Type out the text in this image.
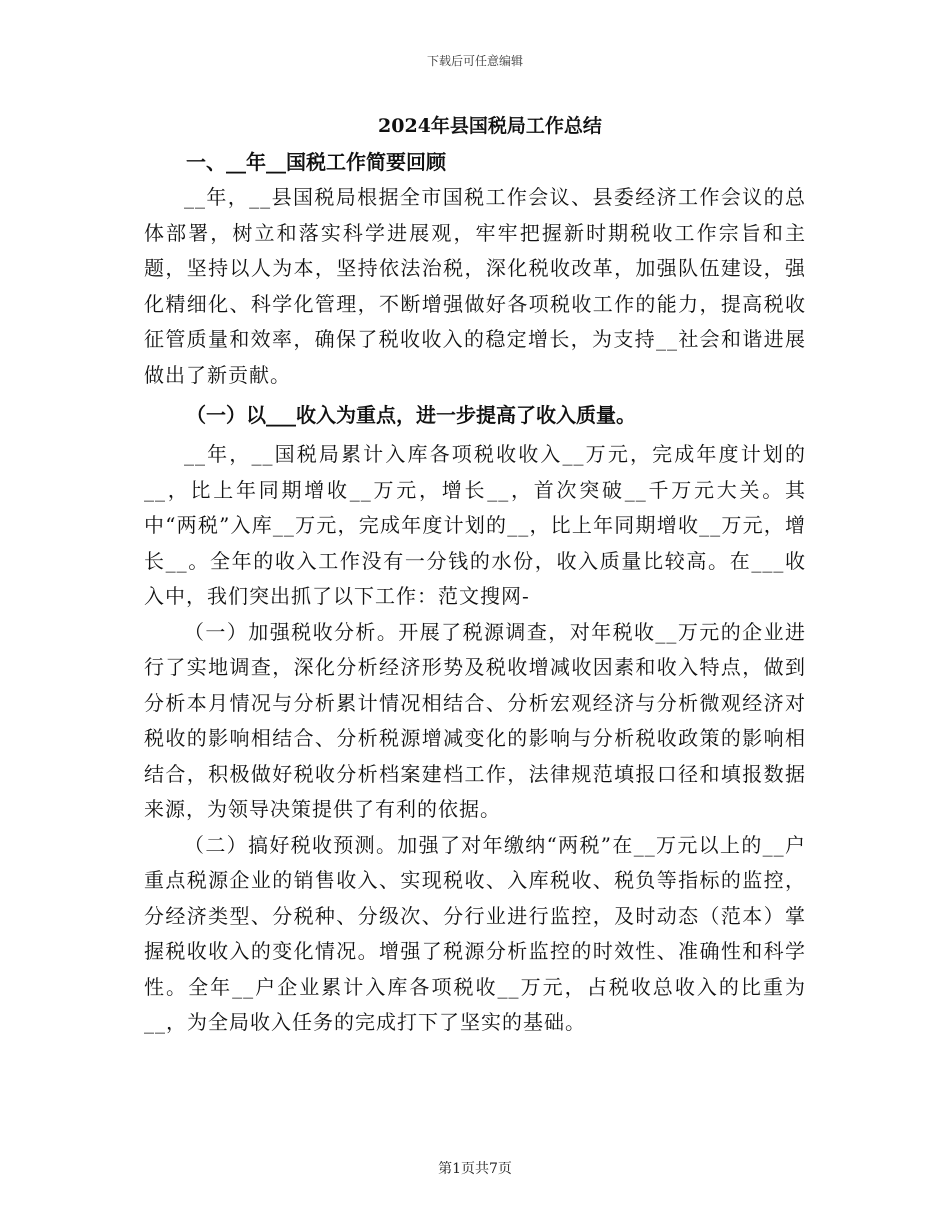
下载后可任意编辑
2024年县国税局工作总结
一、__年__国税工作简要回顾

__年，__县国税局根据全市国税工作会议、县委经济工作会议的总体部署，树立和落实科学进展观，牢牢把握新时期税收工作宗旨和主题，坚持以人为本，坚持依法治税，深化税收改革，加强队伍建设，强化精细化、科学化管理，不断增强做好各项税收工作的能力，提高税收征管质量和效率，确保了税收收入的稳定增长，为支持__社会和谐进展做出了新贡献。

（一）以___收入为重点，进一步提高了收入质量。

__年，__国税局累计入库各项税收收入__万元，完成年度计划的__，比上年同期增收__万元，增长__，首次突破__千万元大关。其中“两税”入库__万元，完成年度计划的__，比上年同期增收__万元，增长__。全年的收入工作没有一分钱的水份，收入质量比较高。在___收入中，我们突出抓了以下工作：范文搜网-

（一）加强税收分析。开展了税源调查，对年税收__万元的企业进行了实地调查，深化分析经济形势及税收增减收因素和收入特点，做到分析本月情况与分析累计情况相结合、分析宏观经济与分析微观经济对税收的影响相结合、分析税源增减变化的影响与分析税收政策的影响相结合，积极做好税收分析档案建档工作，法律规范填报口径和填报数据来源，为领导决策提供了有利的依据。

（二）搞好税收预测。加强了对年缴纳“两税”在__万元以上的__户重点税源企业的销售收入、实现税收、入库税收、税负等指标的监控，分经济类型、分税种、分级次、分行业进行监控，及时动态（范本）掌握税收收入的变化情况。增强了税源分析监控的时效性、准确性和科学性。全年__户企业累计入库各项税收__万元，占税收总收入的比重为__，为全局收入任务的完成打下了坚实的基础。

第1页共7页
